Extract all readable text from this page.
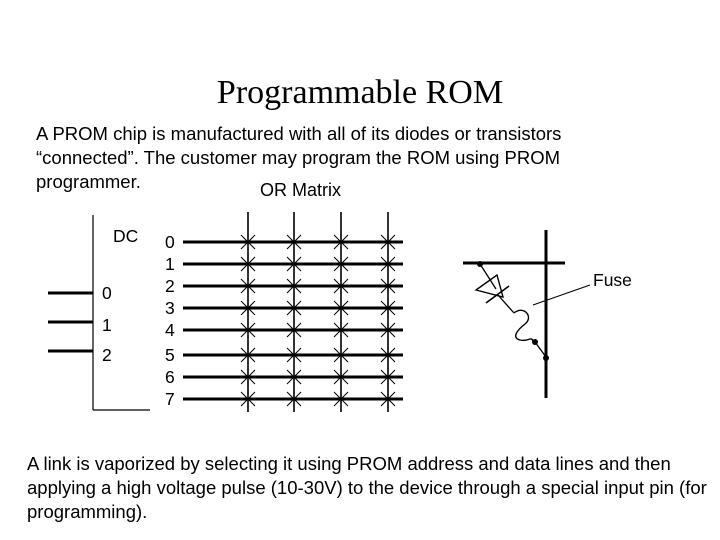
Programmable ROM
A PROM chip is manufactured with all of its diodes or transistors “connected”. The customer may program the ROM using PROM programmer.	OR Matrix
DC
0
1
2
0
1
2
3
4
5
6
7
Fuse
A link is vaporized by selecting it using PROM address and data lines and then applying a high voltage pulse (10-30V) to the device through a special input pin (for programming).
